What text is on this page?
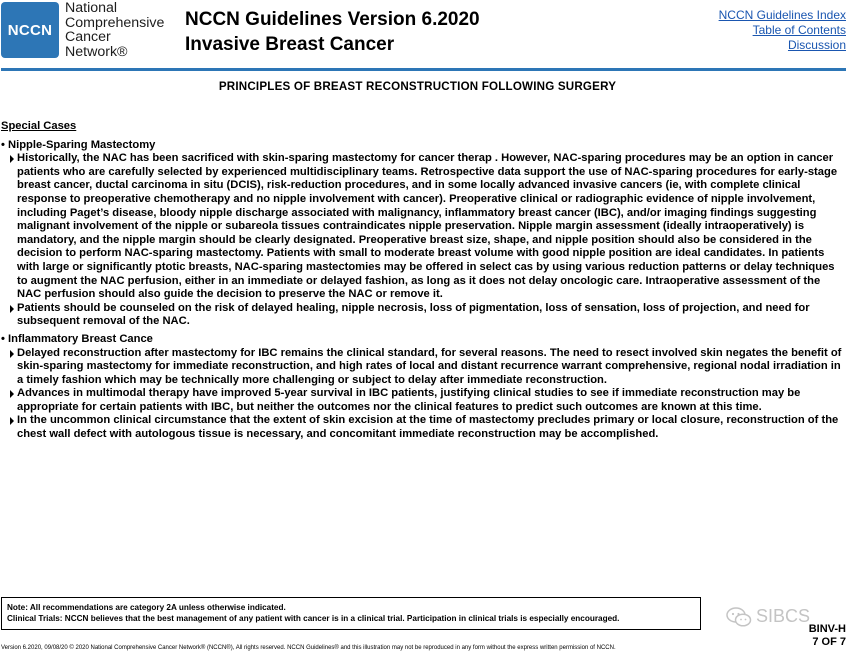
NCCN
National
Comprehensive
Cancer
Network®
NCCN Guidelines Version 6.2020
Invasive Breast Cancer
NCCN Guidelines Index
Table of Contents
Discussion
PRINCIPLES OF BREAST RECONSTRUCTION FOLLOWING SURGERY
Special Cases
• Nipple-Sparing Mastectomy
Historically, the NAC has been sacrificed with skin-sparing mastectomy for cancer therap . However, NAC-sparing procedures may be an option in cancer patients who are carefully selected by experienced multidisciplinary teams. Retrospective data support the use of NAC-sparing procedures for early-stage breast cancer, ductal carcinoma in situ (DCIS), risk-reduction procedures, and in some locally advanced invasive cancers (ie, with complete clinical response to preoperative chemotherapy and no nipple involvement with cancer). Preoperative clinical or radiographic evidence of nipple involvement, including Paget’s disease, bloody nipple discharge associated with malignancy, inflammatory breast cancer (IBC), and/or imaging findings suggesting malignant involvement of the nipple or subareola tissues contraindicates nipple preservation. Nipple margin assessment (ideally intraoperatively) is mandatory, and the nipple margin should be clearly designated. Preoperative breast size, shape, and nipple position should also be considered in the decision to perform NAC-sparing mastectomy. Patients with small to moderate breast volume with good nipple position are ideal candidates. In patients with large or significantly ptotic breasts, NAC-sparing mastectomies may be offered in select cas by using various reduction patterns or delay techniques to augment the NAC perfusion, either in an immediate or delayed fashion, as long as it does not delay oncologic care. Intraoperative assessment of the NAC perfusion should also guide the decision to preserve the NAC or remove it.
Patients should be counseled on the risk of delayed healing, nipple necrosis, loss of pigmentation, loss of sensation, loss of projection, and need for subsequent removal of the NAC.
• Inflammatory Breast Cance
Delayed reconstruction after mastectomy for IBC remains the clinical standard, for several reasons. The need to resect involved skin negates the benefit of skin-sparing mastectomy for immediate reconstruction, and high rates of local and distant recurrence warrant comprehensive, regional nodal irradiation in a timely fashion which may be technically more challenging or subject to delay after immediate reconstruction.
Advances in multimodal therapy have improved 5-year survival in IBC patients, justifying clinical studies to see if immediate reconstruction may be appropriate for certain patients with IBC, but neither the outcomes nor the clinical features to predict such outcomes are known at this time.
In the uncommon clinical circumstance that the extent of skin excision at the time of mastectomy precludes primary or local closure, reconstruction of the chest wall defect with autologous tissue is necessary, and concomitant immediate reconstruction may be accomplished.
Note: All recommendations are category 2A unless otherwise indicated.
Clinical Trials: NCCN believes that the best management of any patient with cancer is in a clinical trial. Participation in clinical trials is especially encouraged.	SIBCS
BINV-H
7 OF 7
Version 6.2020, 09/08/20 © 2020 National Comprehensive Cancer Network® (NCCN®), All rights reserved. NCCN Guidelines® and this illustration may not be reproduced in any form without the express written permission of NCCN.
